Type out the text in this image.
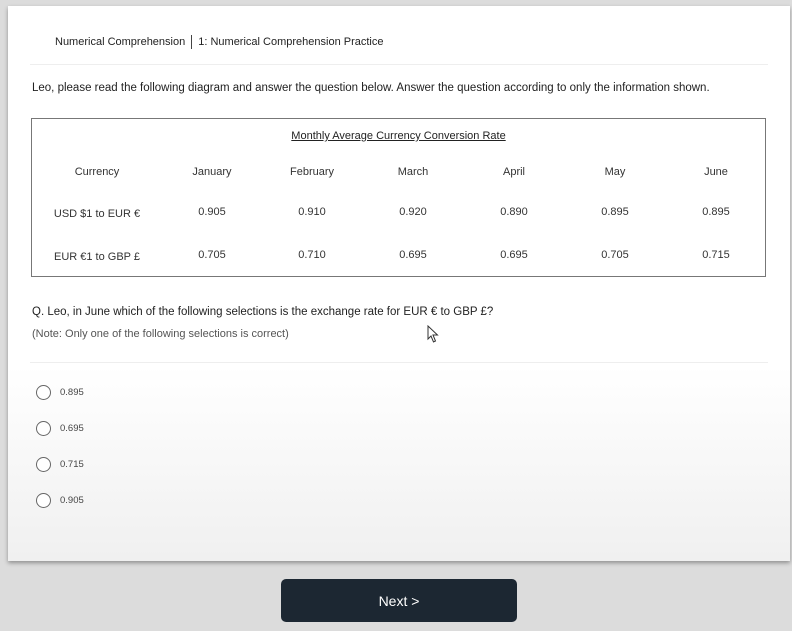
Numerical Comprehension 1: Numerical Comprehension Practice
Leo, please read the following diagram and answer the question below. Answer the question according to only the information shown.
Monthly Average Currency Conversion Rate
Currency	January	February	March	April	May	June
USD $1 to EUR €	0.905	0.910	0.920	0.890	0.895	0.895
EUR €1 to GBP £	0.705	0.710	0.695	0.695	0.705	0.715
Q. Leo, in June which of the following selections is the exchange rate for EUR € to GBP £?
(Note: Only one of the following selections is correct)
0.895
0.695
0.715
0.905
Next >
